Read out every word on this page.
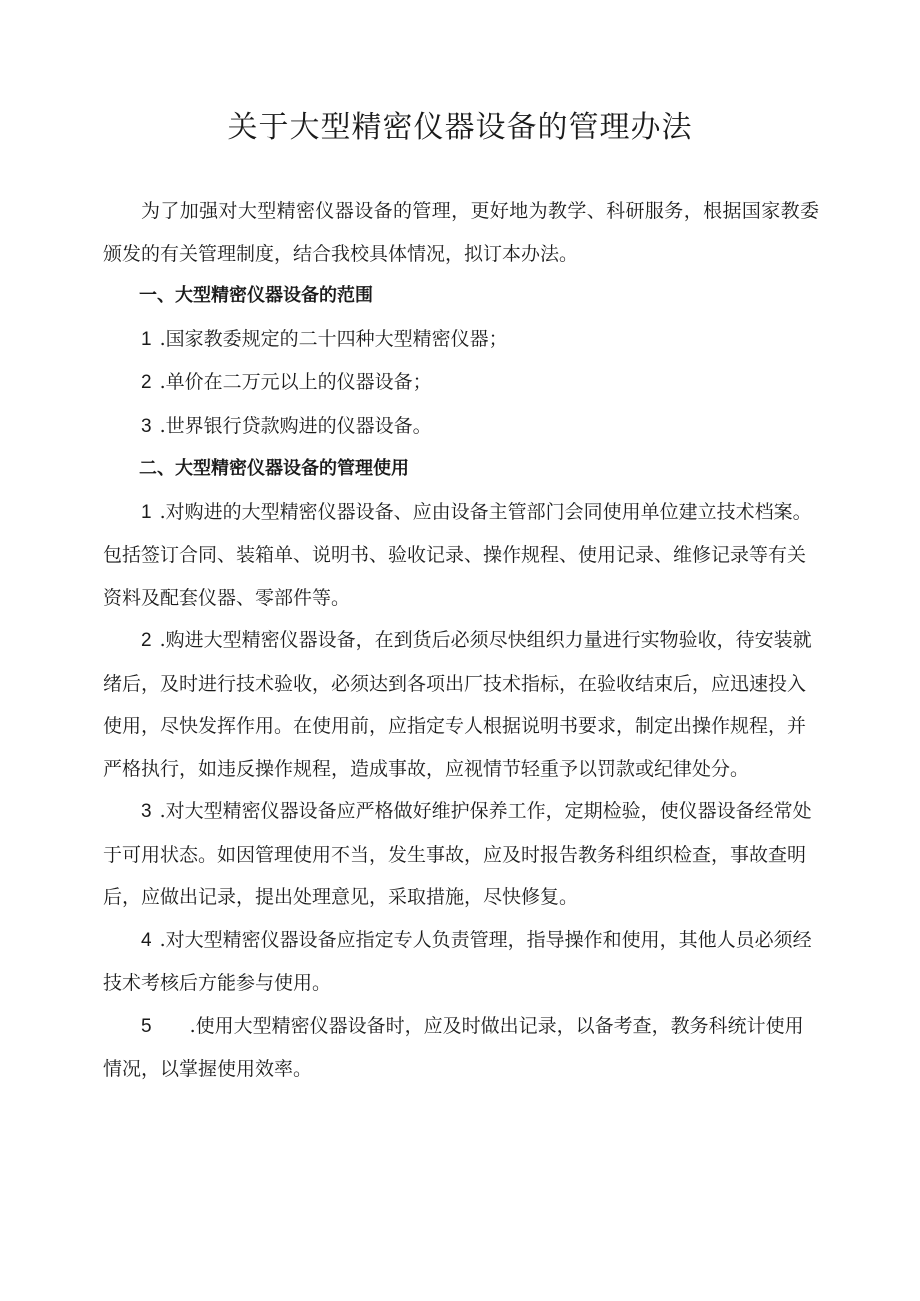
关于大型精密仪器设备的管理办法

为了加强对大型精密仪器设备的管理，更好地为教学、科研服务，根据国家教委颁发的有关管理制度，结合我校具体情况，拟订本办法。

一、大型精密仪器设备的范围

1 .国家教委规定的二十四种大型精密仪器；

2 .单价在二万元以上的仪器设备；

3 .世界银行贷款购进的仪器设备。

二、大型精密仪器设备的管理使用

1 .对购进的大型精密仪器设备、应由设备主管部门会同使用单位建立技术档案。包括签订合同、装箱单、说明书、验收记录、操作规程、使用记录、维修记录等有关资料及配套仪器、零部件等。

2 .购进大型精密仪器设备，在到货后必须尽快组织力量进行实物验收，待安装就绪后，及时进行技术验收，必须达到各项出厂技术指标，在验收结束后，应迅速投入使用，尽快发挥作用。在使用前，应指定专人根据说明书要求，制定出操作规程，并严格执行，如违反操作规程，造成事故，应视情节轻重予以罚款或纪律处分。

3 .对大型精密仪器设备应严格做好维护保养工作，定期检验，使仪器设备经常处于可用状态。如因管理使用不当，发生事故，应及时报告教务科组织检查，事故查明后，应做出记录，提出处理意见，采取措施，尽快修复。

4 .对大型精密仪器设备应指定专人负责管理，指导操作和使用，其他人员必须经技术考核后方能参与使用。

5 .使用大型精密仪器设备时，应及时做出记录，以备考查，教务科统计使用情况，以掌握使用效率。
